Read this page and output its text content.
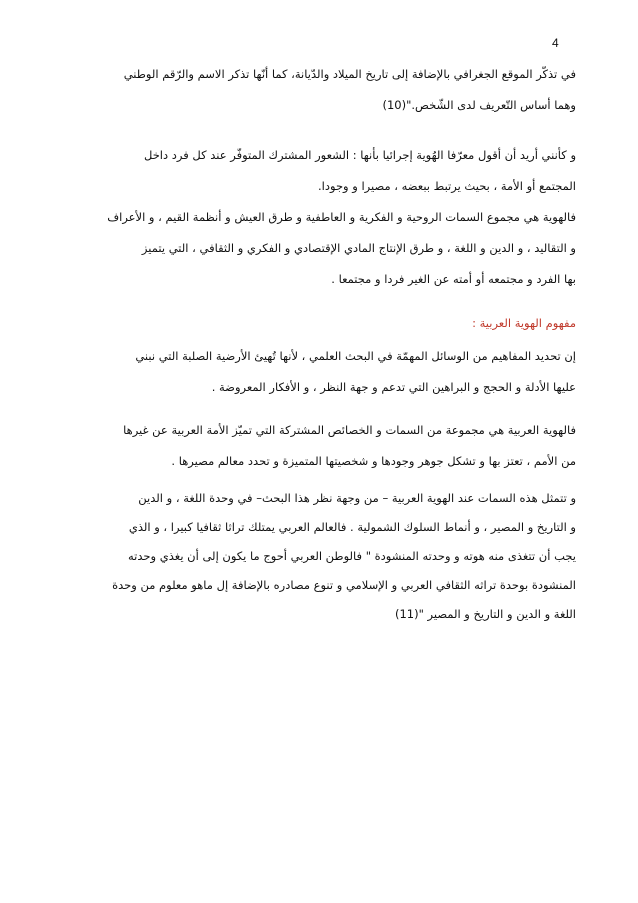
4
في تذكّر الموقع الجغرافي بالإضافة إلى تاريخ الميلاد والدّيانة، كما أنّها تذكر الاسم والرّقم الوطني
وهما أساس التّعريف لدى الشّخص."(10)
و كأنني أريد أن أقول معرّفا الهُوية إجرائيا بأنها : الشعور المشترك المتوفّر عند كل فرد داخل
المجتمع أو الأمة ، بحيث يرتبط ببعضه ، مصيرا و وجودا.
فالهوية هي مجموع السمات الروحية و الفكرية و العاطفية و طرق العيش و أنظمة القيم ، و الأعراف
و التقاليد ، و الدين و اللغة ، و طرق الإنتاج المادي الإقتصادي و الفكري و الثقافي ، التي يتميز
بها الفرد و مجتمعه أو أمته عن الغير فردا و مجتمعا .
مفهوم الهوية العربية :
إن تحديد المفاهيم من الوسائل المهمّة في البحث العلمي ، لأنها تُهيئ الأرضية الصلبة التي نبني
عليها الأدلة و الحجج و البراهين التي تدعم و جهة النظر ، و الأفكار المعروضة .
فالهوية العربية هي مجموعة من السمات و الخصائص المشتركة التي تميّز الأمة العربية عن غيرها
من الأمم ، تعتز بها و تشكل جوهر وجودها و شخصيتها المتميزة و تحدد معالم مصيرها .
و تتمثل هذه السمات عند الهوية العربية – من وجهة نظر هذا البحث– في وحدة اللغة ، و الدين
و التاريخ و المصير ، و أنماط السلوك الشمولية . فالعالم العربي يمتلك تراثا ثقافيا كبيرا ، و الذي
يجب أن تتغذى منه هوته و وحدته المنشودة " فالوطن العربي أحوج ما يكون إلى أن يغذي وحدته
المنشودة بوحدة تراثه الثقافي العربي و الإسلامي و تنوع مصادره بالإضافة إل ماهو معلوم من وحدة
اللغة و الدين و التاريخ و المصير "(11)
